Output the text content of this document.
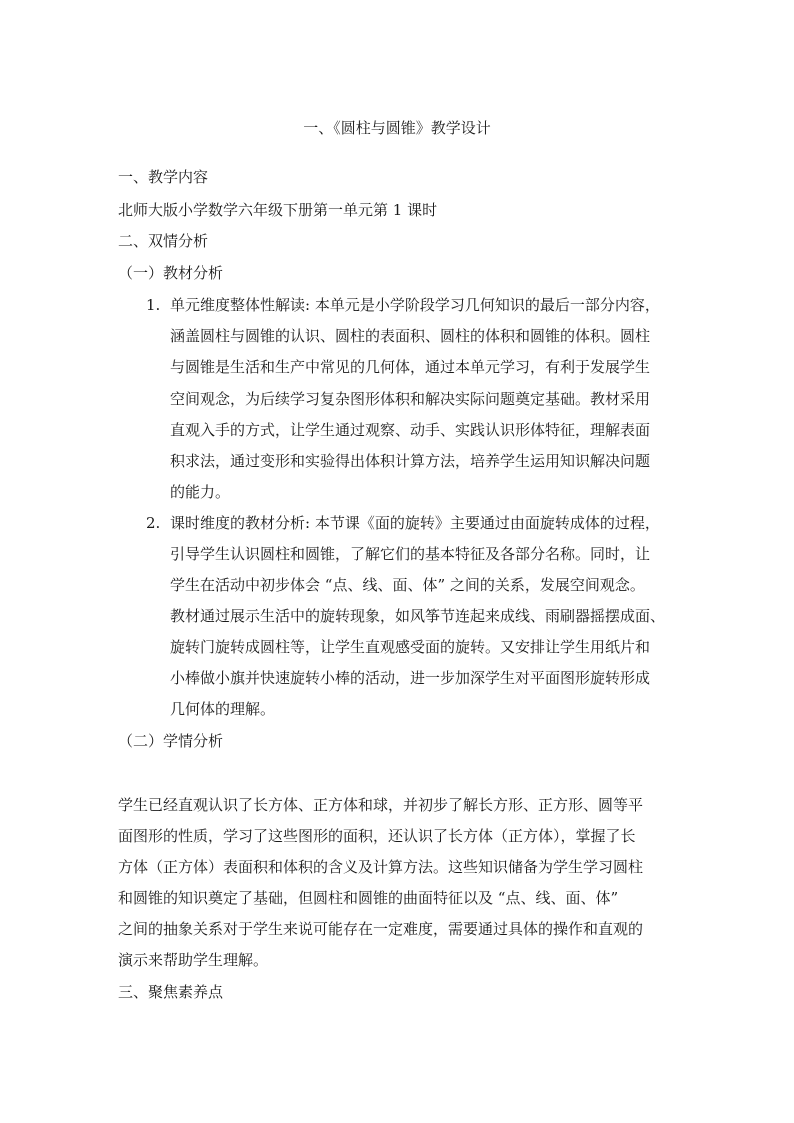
一、《圆柱与圆锥》教学设计
一、教学内容
北师大版小学数学六年级下册第一单元第 1 课时
二、双情分析
（一）教材分析
1. 单元维度整体性解读: 本单元是小学阶段学习几何知识的最后一部分内容，
涵盖圆柱与圆锥的认识、圆柱的表面积、圆柱的体积和圆锥的体积。圆柱
与圆锥是生活和生产中常见的几何体，通过本单元学习，有利于发展学生
空间观念，为后续学习复杂图形体积和解决实际问题奠定基础。教材采用
直观入手的方式，让学生通过观察、动手、实践认识形体特征，理解表面
积求法，通过变形和实验得出体积计算方法，培养学生运用知识解决问题
的能力。
2. 课时维度的教材分析: 本节课《面的旋转》主要通过由面旋转成体的过程，
引导学生认识圆柱和圆锥，了解它们的基本特征及各部分名称。同时，让
学生在活动中初步体会 “点、线、面、体” 之间的关系，发展空间观念。
教材通过展示生活中的旋转现象，如风筝节连起来成线、雨刷器摇摆成面、
旋转门旋转成圆柱等，让学生直观感受面的旋转。又安排让学生用纸片和
小棒做小旗并快速旋转小棒的活动，进一步加深学生对平面图形旋转形成
几何体的理解。
（二）学情分析
学生已经直观认识了长方体、正方体和球，并初步了解长方形、正方形、圆等平
面图形的性质，学习了这些图形的面积，还认识了长方体（正方体），掌握了长
方体（正方体）表面积和体积的含义及计算方法。这些知识储备为学生学习圆柱
和圆锥的知识奠定了基础，但圆柱和圆锥的曲面特征以及 “点、线、面、体”
之间的抽象关系对于学生来说可能存在一定难度，需要通过具体的操作和直观的
演示来帮助学生理解。
三、聚焦素养点
